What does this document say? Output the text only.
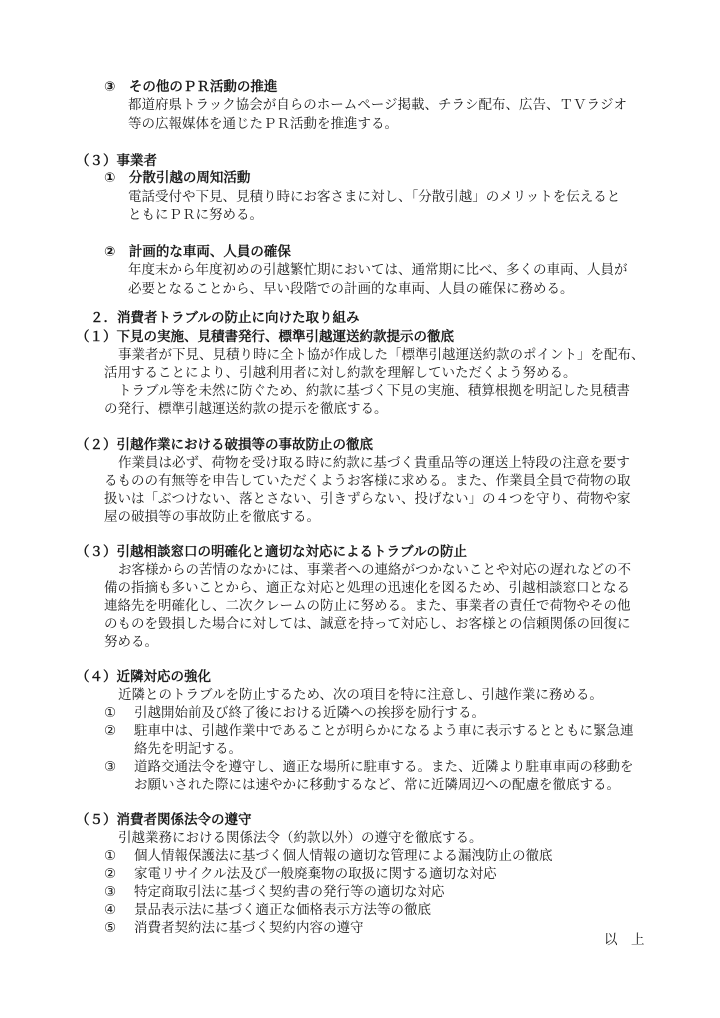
③　その他のＰＲ活動の推進
都道府県トラック協会が自らのホームページ掲載、チラシ配布、広告、ＴＶラジオ
等の広報媒体を通じたＰＲ活動を推進する。
（３）事業者
①　分散引越の周知活動
電話受付や下見、見積り時にお客さまに対し、「分散引越」のメリットを伝えると
ともにＰＲに努める。
②　計画的な車両、人員の確保
年度末から年度初めの引越繁忙期においては、通常期に比べ、多くの車両、人員が
必要となることから、早い段階での計画的な車両、人員の確保に務める。
２．消費者トラブルの防止に向けた取り組み
（１）下見の実施、見積書発行、標準引越運送約款提示の徹底
事業者が下見、見積り時に全ト協が作成した「標準引越運送約款のポイント」を配布、
活用することにより、引越利用者に対し約款を理解していただくよう努める。
トラブル等を未然に防ぐため、約款に基づく下見の実施、積算根拠を明記した見積書
の発行、標準引越運送約款の提示を徹底する。
（２）引越作業における破損等の事故防止の徹底
作業員は必ず、荷物を受け取る時に約款に基づく貴重品等の運送上特段の注意を要す
るものの有無等を申告していただくようお客様に求める。また、作業員全員で荷物の取
扱いは「ぶつけない、落とさない、引きずらない、投げない」の４つを守り、荷物や家
屋の破損等の事故防止を徹底する。
（３）引越相談窓口の明確化と適切な対応によるトラブルの防止
お客様からの苦情のなかには、事業者への連絡がつかないことや対応の遅れなどの不
備の指摘も多いことから、適正な対応と処理の迅速化を図るため、引越相談窓口となる
連絡先を明確化し、二次クレームの防止に努める。また、事業者の責任で荷物やその他
のものを毀損した場合に対しては、誠意を持って対応し、お客様との信頼関係の回復に
努める。
（４）近隣対応の強化
近隣とのトラブルを防止するため、次の項目を特に注意し、引越作業に務める。
① 引越開始前及び終了後における近隣への挨拶を励行する。
② 駐車中は、引越作業中であることが明らかになるよう車に表示するとともに緊急連
絡先を明記する。
③ 道路交通法令を遵守し、適正な場所に駐車する。また、近隣より駐車車両の移動を
お願いされた際には速やかに移動するなど、常に近隣周辺への配慮を徹底する。
（５）消費者関係法令の遵守
引越業務における関係法令（約款以外）の遵守を徹底する。
① 個人情報保護法に基づく個人情報の適切な管理による漏洩防止の徹底
② 家電リサイクル法及び一般廃棄物の取扱に関する適切な対応
③ 特定商取引法に基づく契約書の発行等の適切な対応
④ 景品表示法に基づく適正な価格表示方法等の徹底
⑤ 消費者契約法に基づく契約内容の遵守
以　上
